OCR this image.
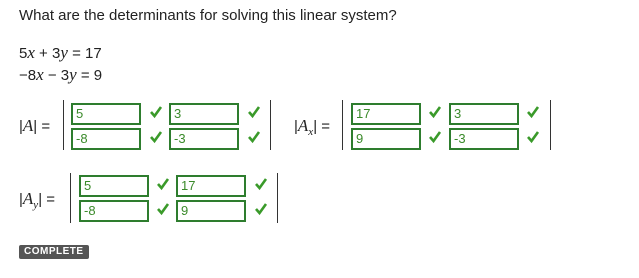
What are the determinants for solving this linear system?
5x + 3y = 17
−8x − 3y = 9
|A| =
5	3
-8	-3
$|A_x|$ =
17	3
9	-3
$|A_y|$ =
5	17
-8	9
COMPLETE
